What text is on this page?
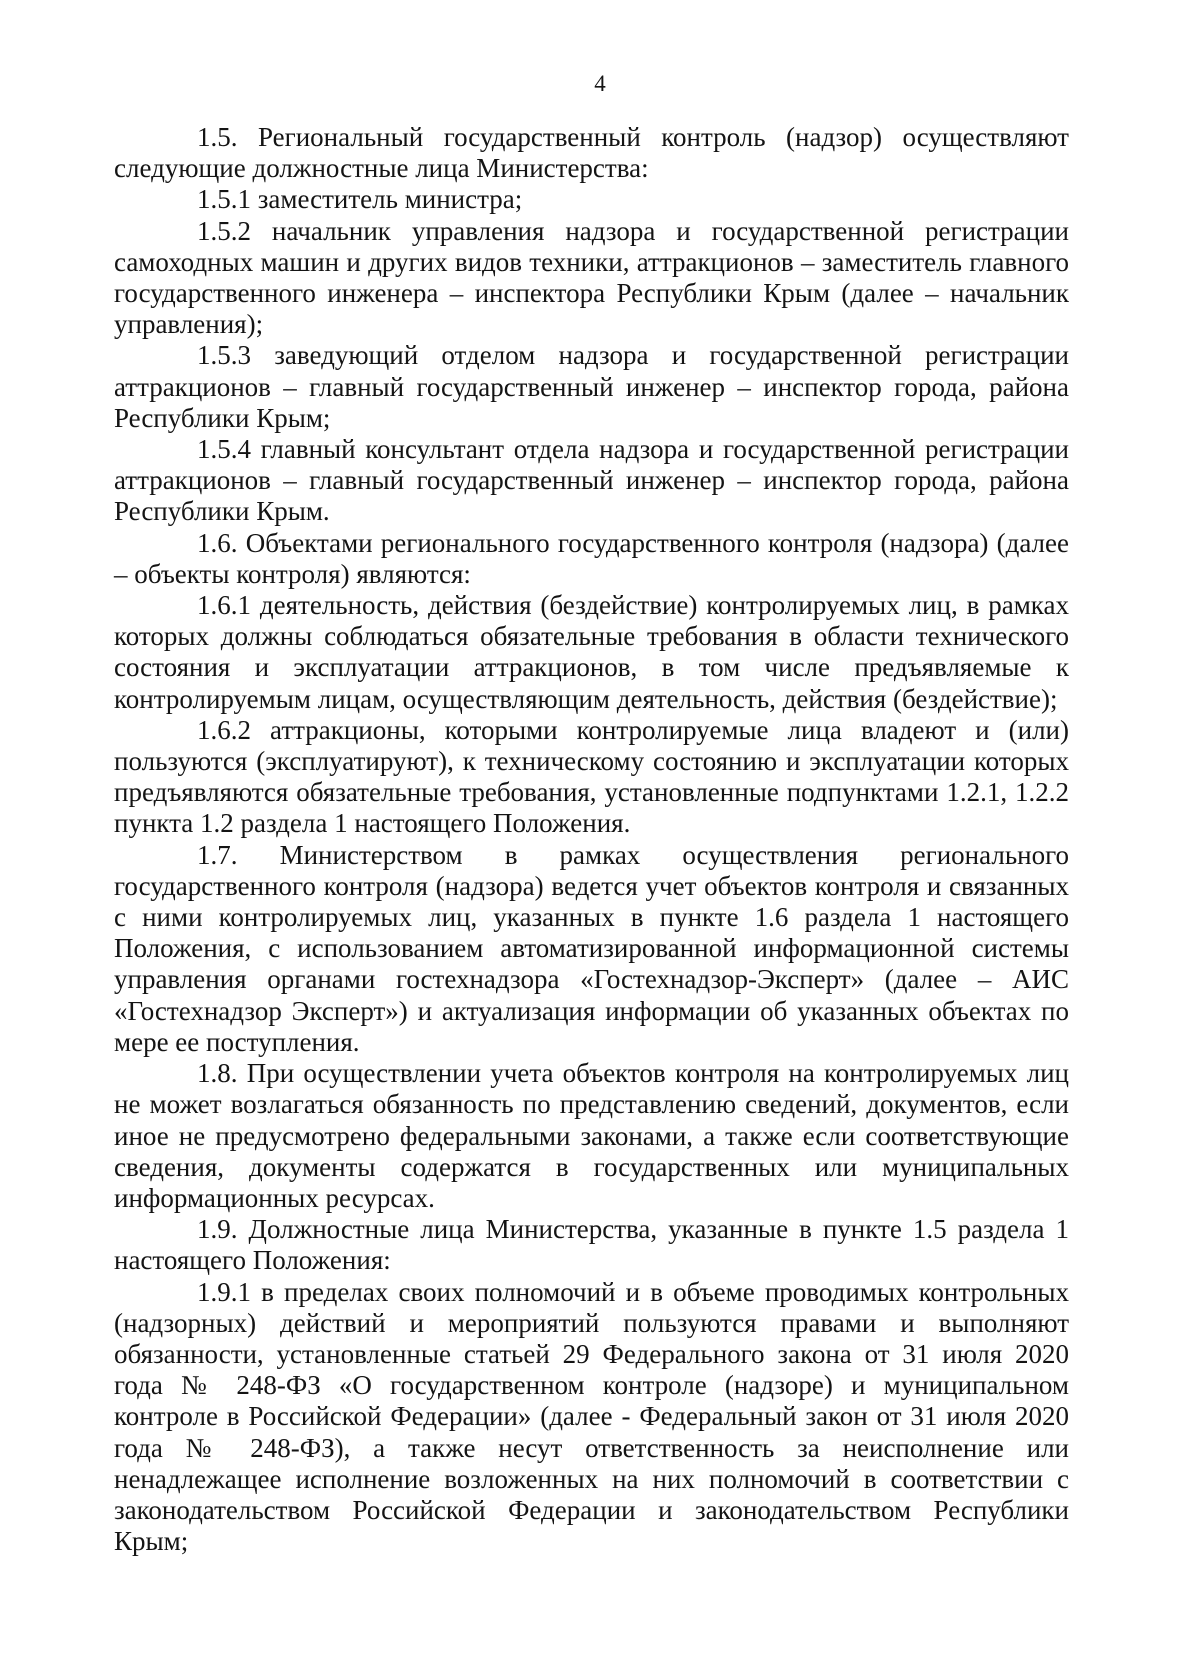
4

1.5. Региональный государственный контроль (надзор) осуществляют следующие должностные лица Министерства:

1.5.1 заместитель министра;

1.5.2 начальник управления надзора и государственной регистрации самоходных машин и других видов техники, аттракционов – заместитель главного государственного инженера – инспектора Республики Крым (далее – начальник управления);

1.5.3 заведующий отделом надзора и государственной регистрации аттракционов – главный государственный инженер – инспектор города, района Республики Крым;

1.5.4 главный консультант отдела надзора и государственной регистрации аттракционов – главный государственный инженер – инспектор города, района Республики Крым.

1.6. Объектами регионального государственного контроля (надзора) (далее – объекты контроля) являются:

1.6.1 деятельность, действия (бездействие) контролируемых лиц, в рамках которых должны соблюдаться обязательные требования в области технического состояния и эксплуатации аттракционов, в том числе предъявляемые к контролируемым лицам, осуществляющим деятельность, действия (бездействие);

1.6.2 аттракционы, которыми контролируемые лица владеют и (или) пользуются (эксплуатируют), к техническому состоянию и эксплуатации которых предъявляются обязательные требования, установленные подпунктами 1.2.1, 1.2.2 пункта 1.2 раздела 1 настоящего Положения.

1.7. Министерством в рамках осуществления регионального государственного контроля (надзора) ведется учет объектов контроля и связанных с ними контролируемых лиц, указанных в пункте 1.6 раздела 1 настоящего Положения, с использованием автоматизированной информационной системы управления органами гостехнадзора «Гостехнадзор-Эксперт» (далее – АИС «Гостехнадзор Эксперт») и актуализация информации об указанных объектах по мере ее поступления.

1.8. При осуществлении учета объектов контроля на контролируемых лиц не может возлагаться обязанность по представлению сведений, документов, если иное не предусмотрено федеральными законами, а также если соответствующие сведения, документы содержатся в государственных или муниципальных информационных ресурсах.

1.9. Должностные лица Министерства, указанные в пункте 1.5 раздела 1 настоящего Положения:

1.9.1 в пределах своих полномочий и в объеме проводимых контрольных (надзорных) действий и мероприятий пользуются правами и выполняют обязанности, установленные статьей 29 Федерального закона от 31 июля 2020 года № 248-ФЗ «О государственном контроле (надзоре) и муниципальном контроле в Российской Федерации» (далее - Федеральный закон от 31 июля 2020 года № 248-ФЗ), а также несут ответственность за неисполнение или ненадлежащее исполнение возложенных на них полномочий в соответствии с законодательством Российской Федерации и законодательством Республики Крым;
